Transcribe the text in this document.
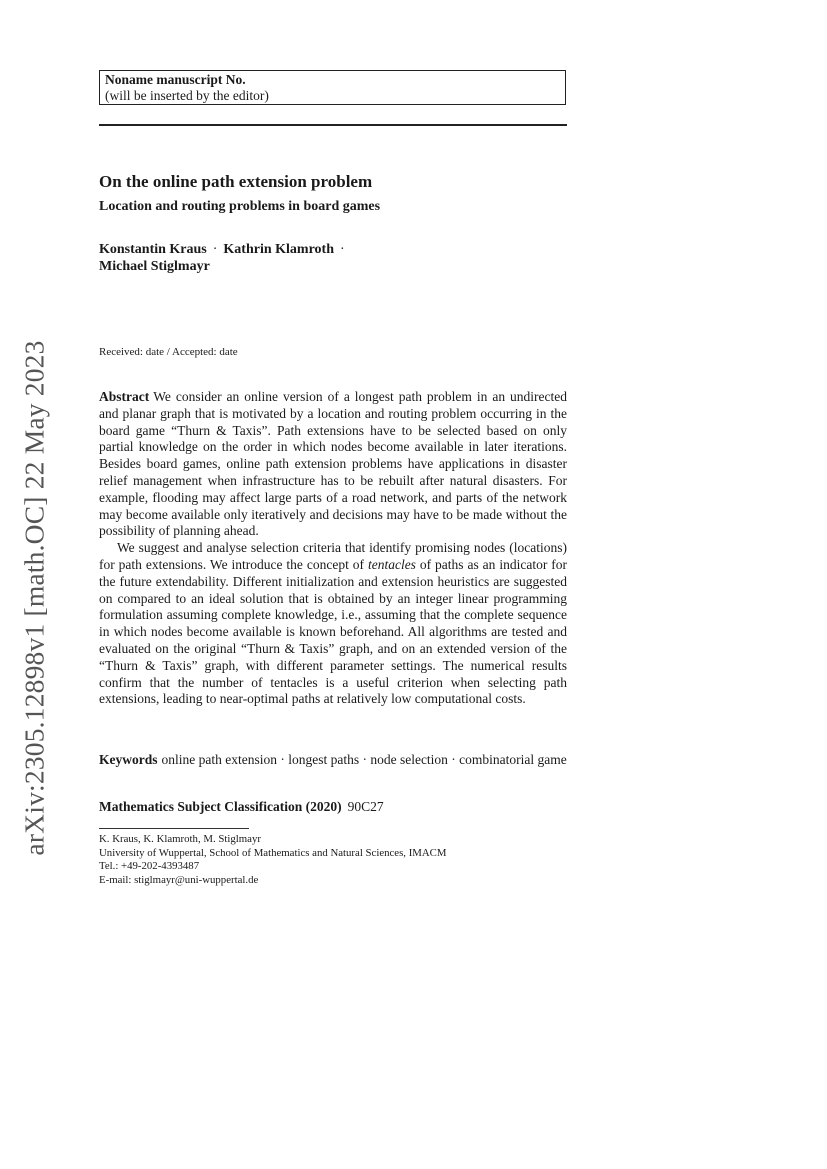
arXiv:2305.12898v1 [math.OC] 22 May 2023
Noname manuscript No.
(will be inserted by the editor)
On the online path extension problem
Location and routing problems in board games
Konstantin Kraus · Kathrin Klamroth ·
Michael Stiglmayr
Received: date / Accepted: date

Abstract We consider an online version of a longest path problem in an undirected and planar graph that is motivated by a location and routing problem occurring in the board game “Thurn & Taxis”. Path extensions have to be selected based on only partial knowledge on the order in which nodes become available in later iterations. Besides board games, online path extension problems have applications in disaster relief management when infrastructure has to be rebuilt after natural disasters. For example, flooding may affect large parts of a road network, and parts of the network may become available only iteratively and decisions may have to be made without the possibility of planning ahead.

We suggest and analyse selection criteria that identify promising nodes (locations) for path extensions. We introduce the concept of tentacles of paths as an indicator for the future extendability. Different initialization and extension heuristics are suggested on compared to an ideal solution that is obtained by an integer linear programming formulation assuming complete knowledge, i.e., assuming that the complete sequence in which nodes become available is known beforehand. All algorithms are tested and evaluated on the original “Thurn & Taxis” graph, and on an extended version of the “Thurn & Taxis” graph, with different parameter settings. The numerical results confirm that the number of tentacles is a useful criterion when selecting path extensions, leading to near-optimal paths at relatively low computational costs.

Keywords online path extension · longest paths · node selection · combinatorial game
Mathematics Subject Classification (2020) 90C27
K. Kraus, K. Klamroth, M. Stiglmayr
University of Wuppertal, School of Mathematics and Natural Sciences, IMACM
Tel.: +49-202-4393487
E-mail: stiglmayr@uni-wuppertal.de
